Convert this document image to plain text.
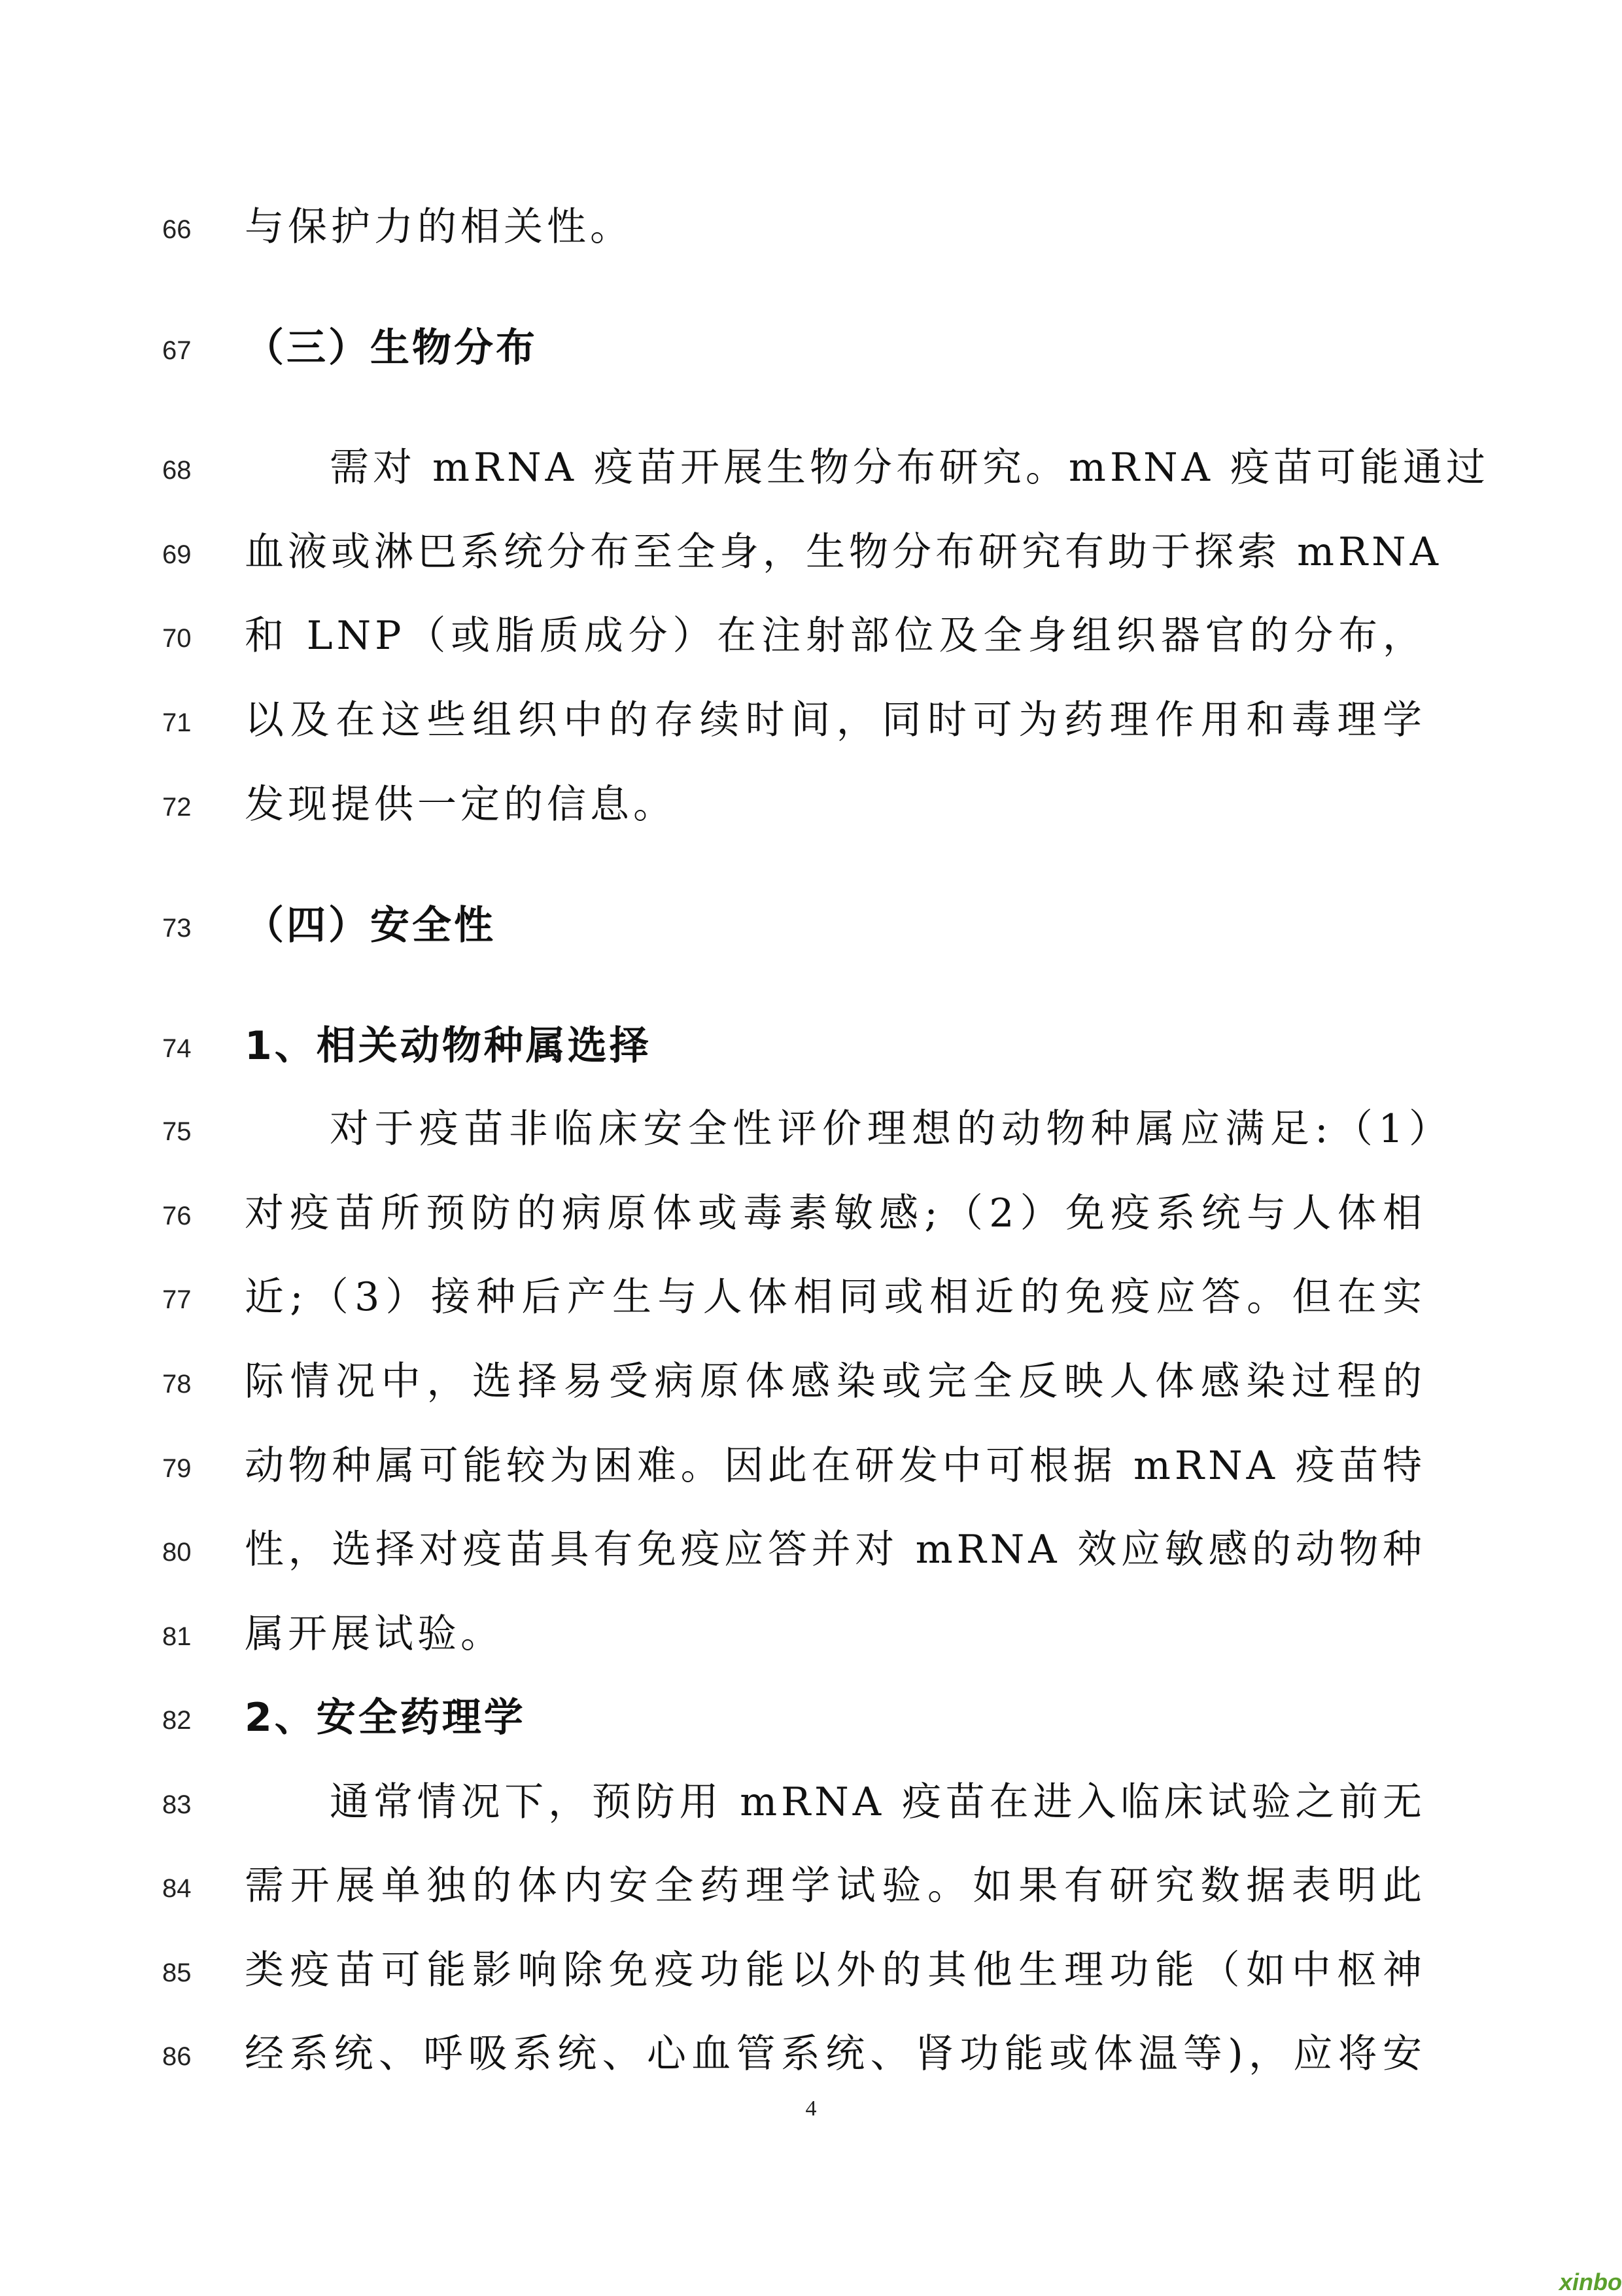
66	与保护力的相关性。
67	（三）生物分布
68	需对 mRNA 疫苗开展生物分布研究。mRNA 疫苗可能通过
69	血液或淋巴系统分布至全身，生物分布研究有助于探索 mRNA
70	和 LNP（或脂质成分）在注射部位及全身组织器官的分布，
71	以及在这些组织中的存续时间，同时可为药理作用和毒理学
72	发现提供一定的信息。
73	（四）安全性
74	1、相关动物种属选择
75	对于疫苗非临床安全性评价理想的动物种属应满足:（1）
76	对疫苗所预防的病原体或毒素敏感;（2）免疫系统与人体相
77	近;（3）接种后产生与人体相同或相近的免疫应答。但在实
78	际情况中，选择易受病原体感染或完全反映人体感染过程的
79	动物种属可能较为困难。因此在研发中可根据 mRNA 疫苗特
80	性，选择对疫苗具有免疫应答并对 mRNA 效应敏感的动物种
81	属开展试验。
82	2、安全药理学
83	通常情况下，预防用 mRNA 疫苗在进入临床试验之前无
84	需开展单独的体内安全药理学试验。如果有研究数据表明此
85	类疫苗可能影响除免疫功能以外的其他生理功能（如中枢神
86	经系统、呼吸系统、心血管系统、肾功能或体温等)，应将安
4
xinbo
